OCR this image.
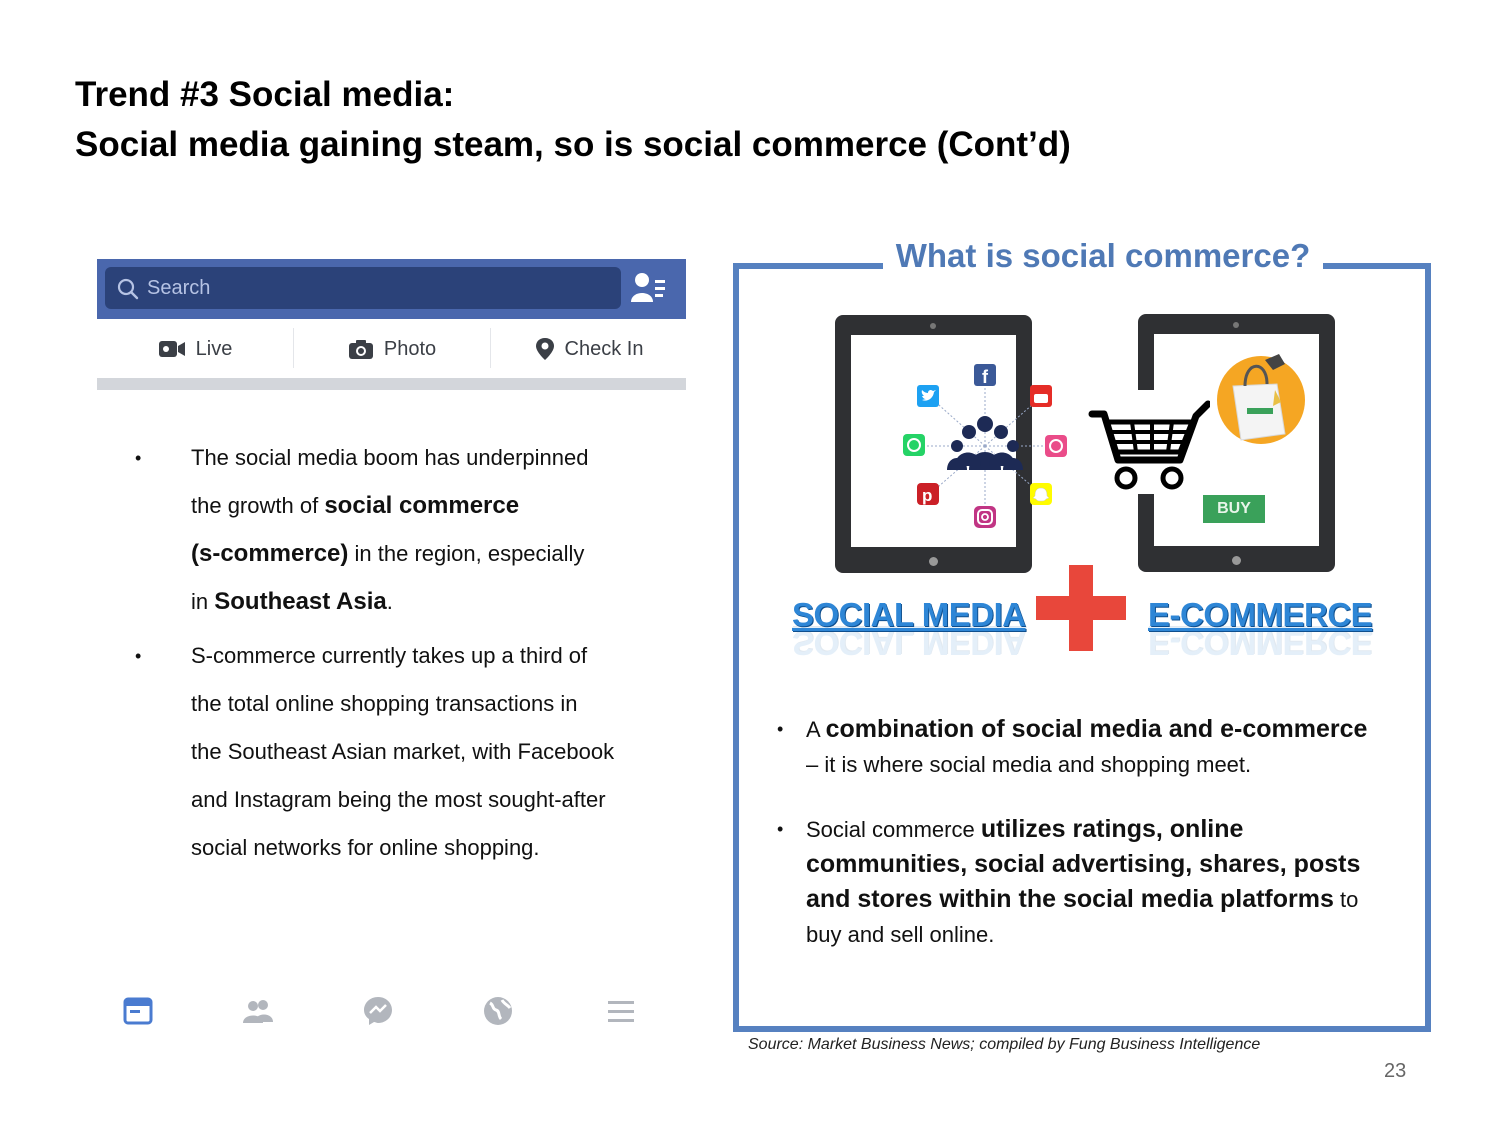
Trend #3 Social media:
Social media gaining steam, so is social commerce (Cont’d)
Search
Live	Photo	Check In
• The social media boom has underpinned
the growth of social commerce
(s-commerce) in the region, especially
in Southeast Asia.
• S-commerce currently takes up a third of
the total online shopping transactions in
the Southeast Asian market, with Facebook
and Instagram being the most sought-after
social networks for online shopping.
What is social commerce?
f
p
BUY
SOCIAL MEDIA
SOCIAL MEDIA
E-COMMERCE
E-COMMERCE
• A combination of social media and e-commerce
– it is where social media and shopping meet.
• Social commerce utilizes ratings, online
communities, social advertising, shares, posts
and stores within the social media platforms to
buy and sell online.
Source: Market Business News; compiled by Fung Business Intelligence
23
